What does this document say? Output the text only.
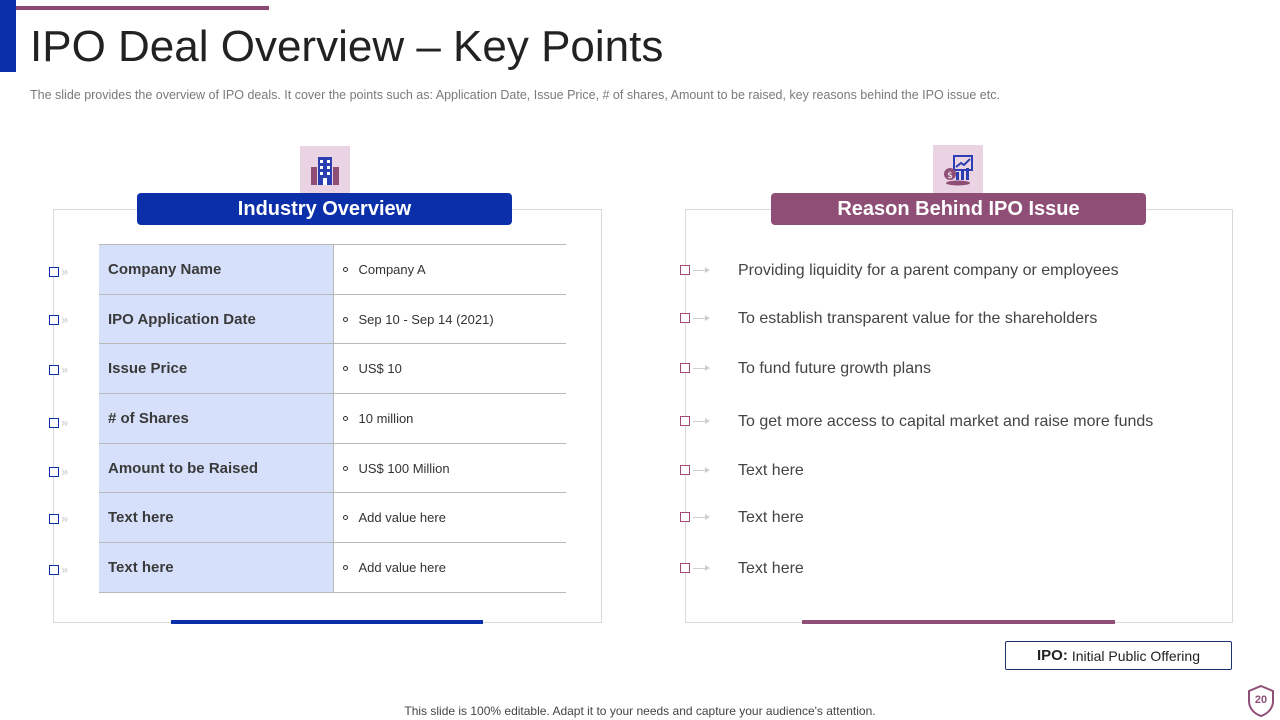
IPO Deal Overview – Key Points
The slide provides the overview of IPO deals. It cover the points such as: Application Date, Issue Price, # of shares, Amount to be raised, key reasons behind the IPO issue etc.
Industry Overview
Company Name	Company A
IPO Application Date	Sep 10 - Sep 14 (2021)
Issue Price	US$ 10
# of Shares	10 million
Amount to be Raised	US$ 100 Million
Text here	Add value here
Text here	Add value here
››
››
››
››
››
››
››
$
Reason Behind IPO Issue
Providing liquidity for a parent company or employees
To establish transparent value for the shareholders
To fund future growth plans
To get more access to capital market and raise more funds
Text here
Text here
Text here
IPO: Initial Public Offering
This slide is 100% editable. Adapt it to your needs and capture your audience's attention.
20
